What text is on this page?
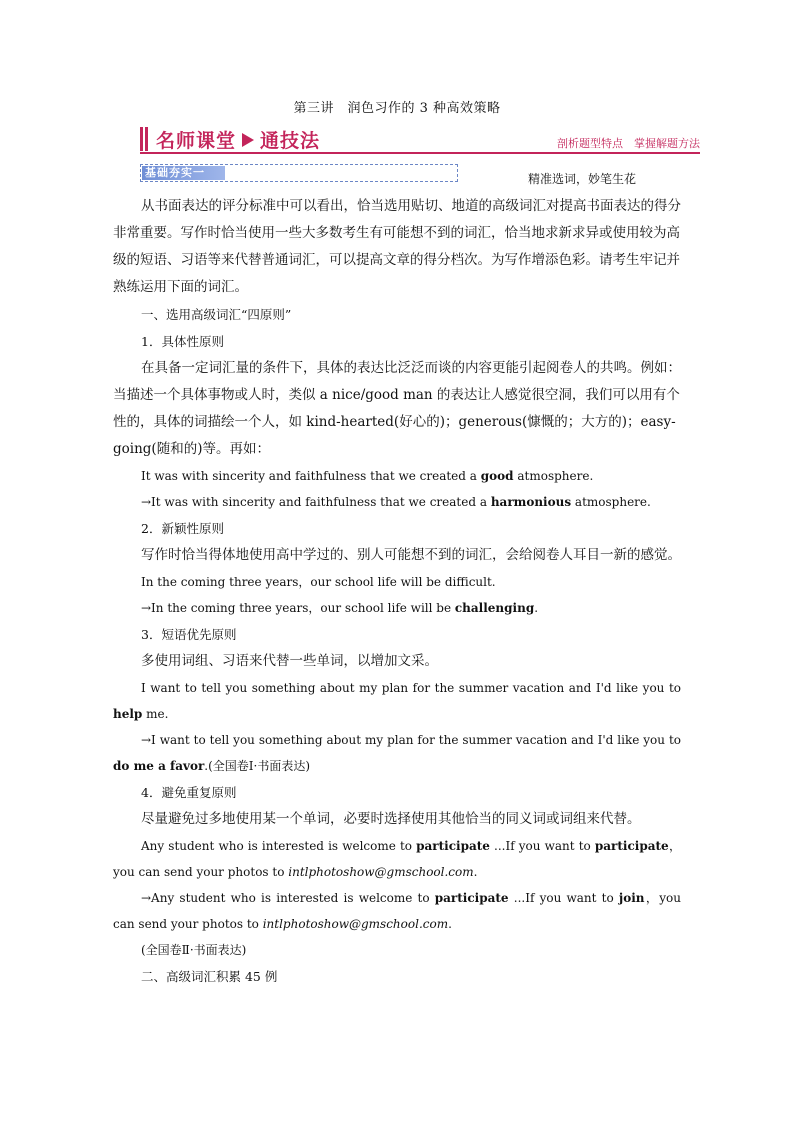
第三讲　润色习作的 3 种高效策略
名师课堂 通技法	剖析题型特点　掌握解题方法
基础夯实一	精准选词，妙笔生花

从书面表达的评分标准中可以看出，恰当选用贴切、地道的高级词汇对提高书面表达的得分非常重要。写作时恰当使用一些大多数考生有可能想不到的词汇，恰当地求新求异或使用较为高级的短语、习语等来代替普通词汇，可以提高文章的得分档次。为写作增添色彩。请考生牢记并熟练运用下面的词汇。

一、选用高级词汇“四原则”

1．具体性原则

在具备一定词汇量的条件下，具体的表达比泛泛而谈的内容更能引起阅卷人的共鸣。例如：当描述一个具体事物或人时，类似 a nice/good man 的表达让人感觉很空洞，我们可以用有个性的，具体的词描绘一个人，如 kind-hearted(好心的)；generous(慷慨的；大方的)；easy-going(随和的)等。再如：

It was with sincerity and faithfulness that we created a good atmosphere.

→It was with sincerity and faithfulness that we created a harmonious atmosphere.

2．新颖性原则

写作时恰当得体地使用高中学过的、别人可能想不到的词汇，会给阅卷人耳目一新的感觉。

In the coming three years，our school life will be difficult.

→In the coming three years，our school life will be challenging.

3．短语优先原则

多使用词组、习语来代替一些单词，以增加文采。

I want to tell you something about my plan for the summer vacation and I'd like you to help me.

→I want to tell you something about my plan for the summer vacation and I'd like you to do me a favor.(全国卷Ⅰ·书面表达)

4．避免重复原则

尽量避免过多地使用某一个单词，必要时选择使用其他恰当的同义词或词组来代替。

Any student who is interested is welcome to participate ...If you want to participate，you can send your photos to intlphotoshow@gmschool.com.

→Any student who is interested is welcome to participate ...If you want to join，you can send your photos to intlphotoshow@gmschool.com.

(全国卷Ⅱ·书面表达)

二、高级词汇积累 45 例
